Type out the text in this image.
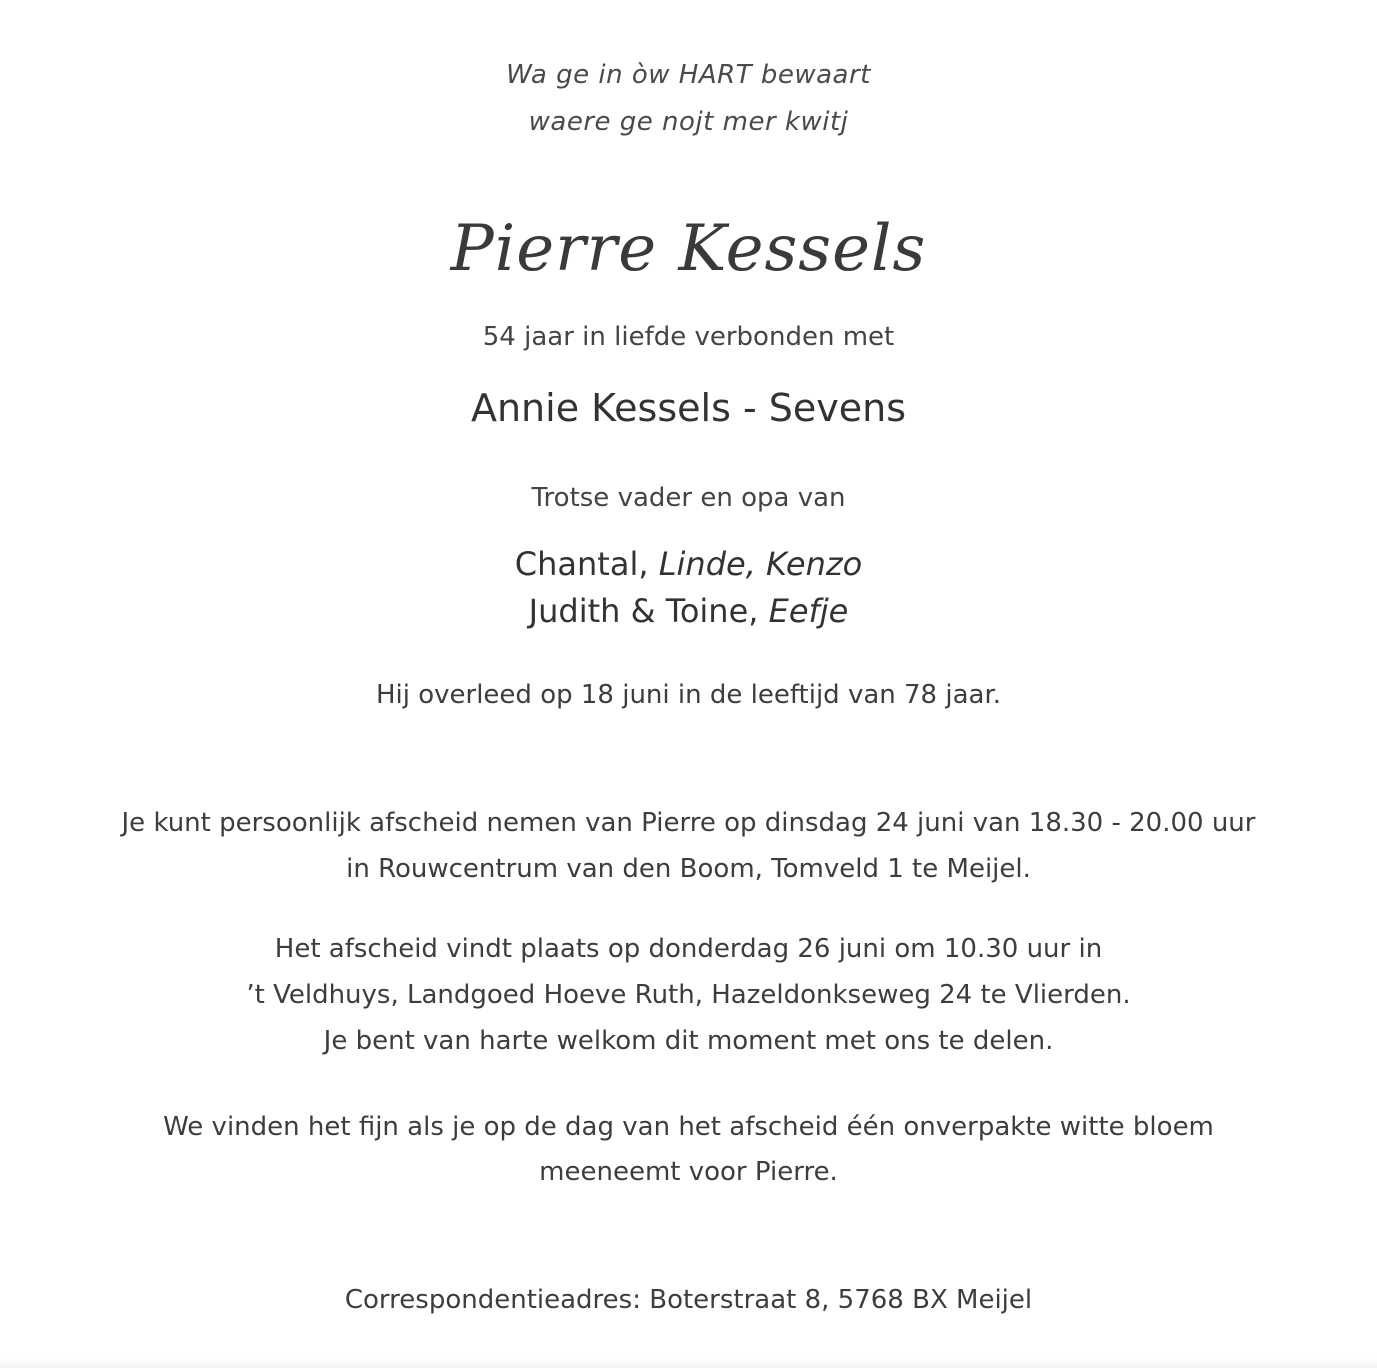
Wa ge in òw HART bewaart
waere ge nojt mer kwitj
Pierre Kessels
54 jaar in liefde verbonden met
Annie Kessels - Sevens
Trotse vader en opa van
Chantal, Linde, Kenzo
Judith & Toine, Eefje
Hij overleed op 18 juni in de leeftijd van 78 jaar.
Je kunt persoonlijk afscheid nemen van Pierre op dinsdag 24 juni van 18.30 - 20.00 uur
in Rouwcentrum van den Boom, Tomveld 1 te Meijel.
Het afscheid vindt plaats op donderdag 26 juni om 10.30 uur in
’t Veldhuys, Landgoed Hoeve Ruth, Hazeldonkseweg 24 te Vlierden.
Je bent van harte welkom dit moment met ons te delen.
We vinden het fijn als je op de dag van het afscheid één onverpakte witte bloem
meeneemt voor Pierre.
Correspondentieadres: Boterstraat 8, 5768 BX Meijel
